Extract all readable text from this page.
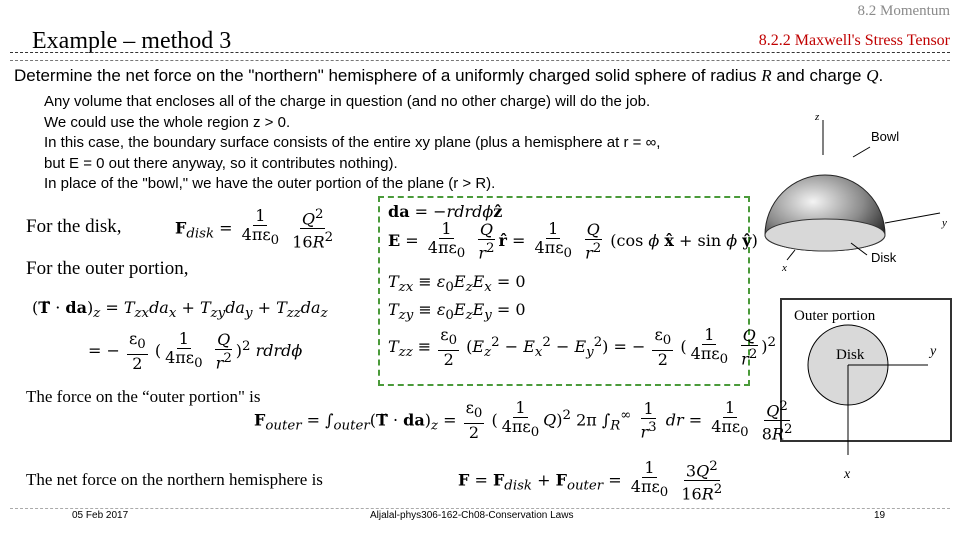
8.2 Momentum
Example – method 3	8.2.2 Maxwell's Stress Tensor
Determine the net force on the "northern" hemisphere of a uniformly charged solid sphere of radius R and charge Q.
Any volume that encloses all of the charge in question (and no other charge) will do the job.
We could use the whole region z > 0.
In this case, the boundary surface consists of the entire xy plane (plus a hemisphere at r = ∞,
but E = 0 out there anyway, so it contributes nothing).
In place of the "bowl," we have the outer portion of the plane (r > R).
z
y
x
Bowl
Disk
Outer portion
Disk	y
x
For the disk,	$F_{disk} = \frac{1}{4\pi\varepsilon_0}$
$\frac{Q^2}{16R^2}$
For the outer portion,
(T⃡ · $da)_z = T_{zx}da_x + T_{zy}da_y + T_{zz}da_z$
= − $\frac{\varepsilon_0}{2}$ ( $\frac{1}{4\pi\varepsilon_0}$
$\frac{Q}{r^2} )^2$ rdrdϕ
da = −rdrdϕẑ
$E = \frac{1}{4\pi\varepsilon_0}$
$\frac{Q}{r^2}$ r̂ = $\frac{1}{4\pi\varepsilon_0}$
$\frac{Q}{r^2} (\cos$ ϕ x̂ + sin ϕ ŷ)
$T_{zx} \equiv \varepsilon_0E_zE_x = 0$
$T_{zy} \equiv \varepsilon_0E_zE_y = 0$
$T_{zz} \equiv \frac{\varepsilon_0}{2} (E_z^2 - E_x^2 - E_y^2)$ = − $\frac{\varepsilon_0}{2}$ ( $\frac{1}{4\pi\varepsilon_0}$
$\frac{Q}{r^2} )^2$
The force on the “outer portion" is
$F_{outer}$ = $\int_{outer}(T⃡ \cdot da)_z = \frac{\varepsilon_0}{2}$ ( $\frac{1}{4\pi\varepsilon_0} Q)^2$ 2π $\int_R^\infty \frac{1}{r^3}$ dr = $\frac{1}{4\pi\varepsilon_0}$
$\frac{Q^2}{8R^2}$
The net force on the northern hemisphere is	$F = F_{disk} + F_{outer} = \frac{1}{4\pi\varepsilon_0}$
$\frac{3Q^2}{16R^2}$
05 Feb 2017	Aljalal-phys306-162-Ch08-Conservation Laws	19
